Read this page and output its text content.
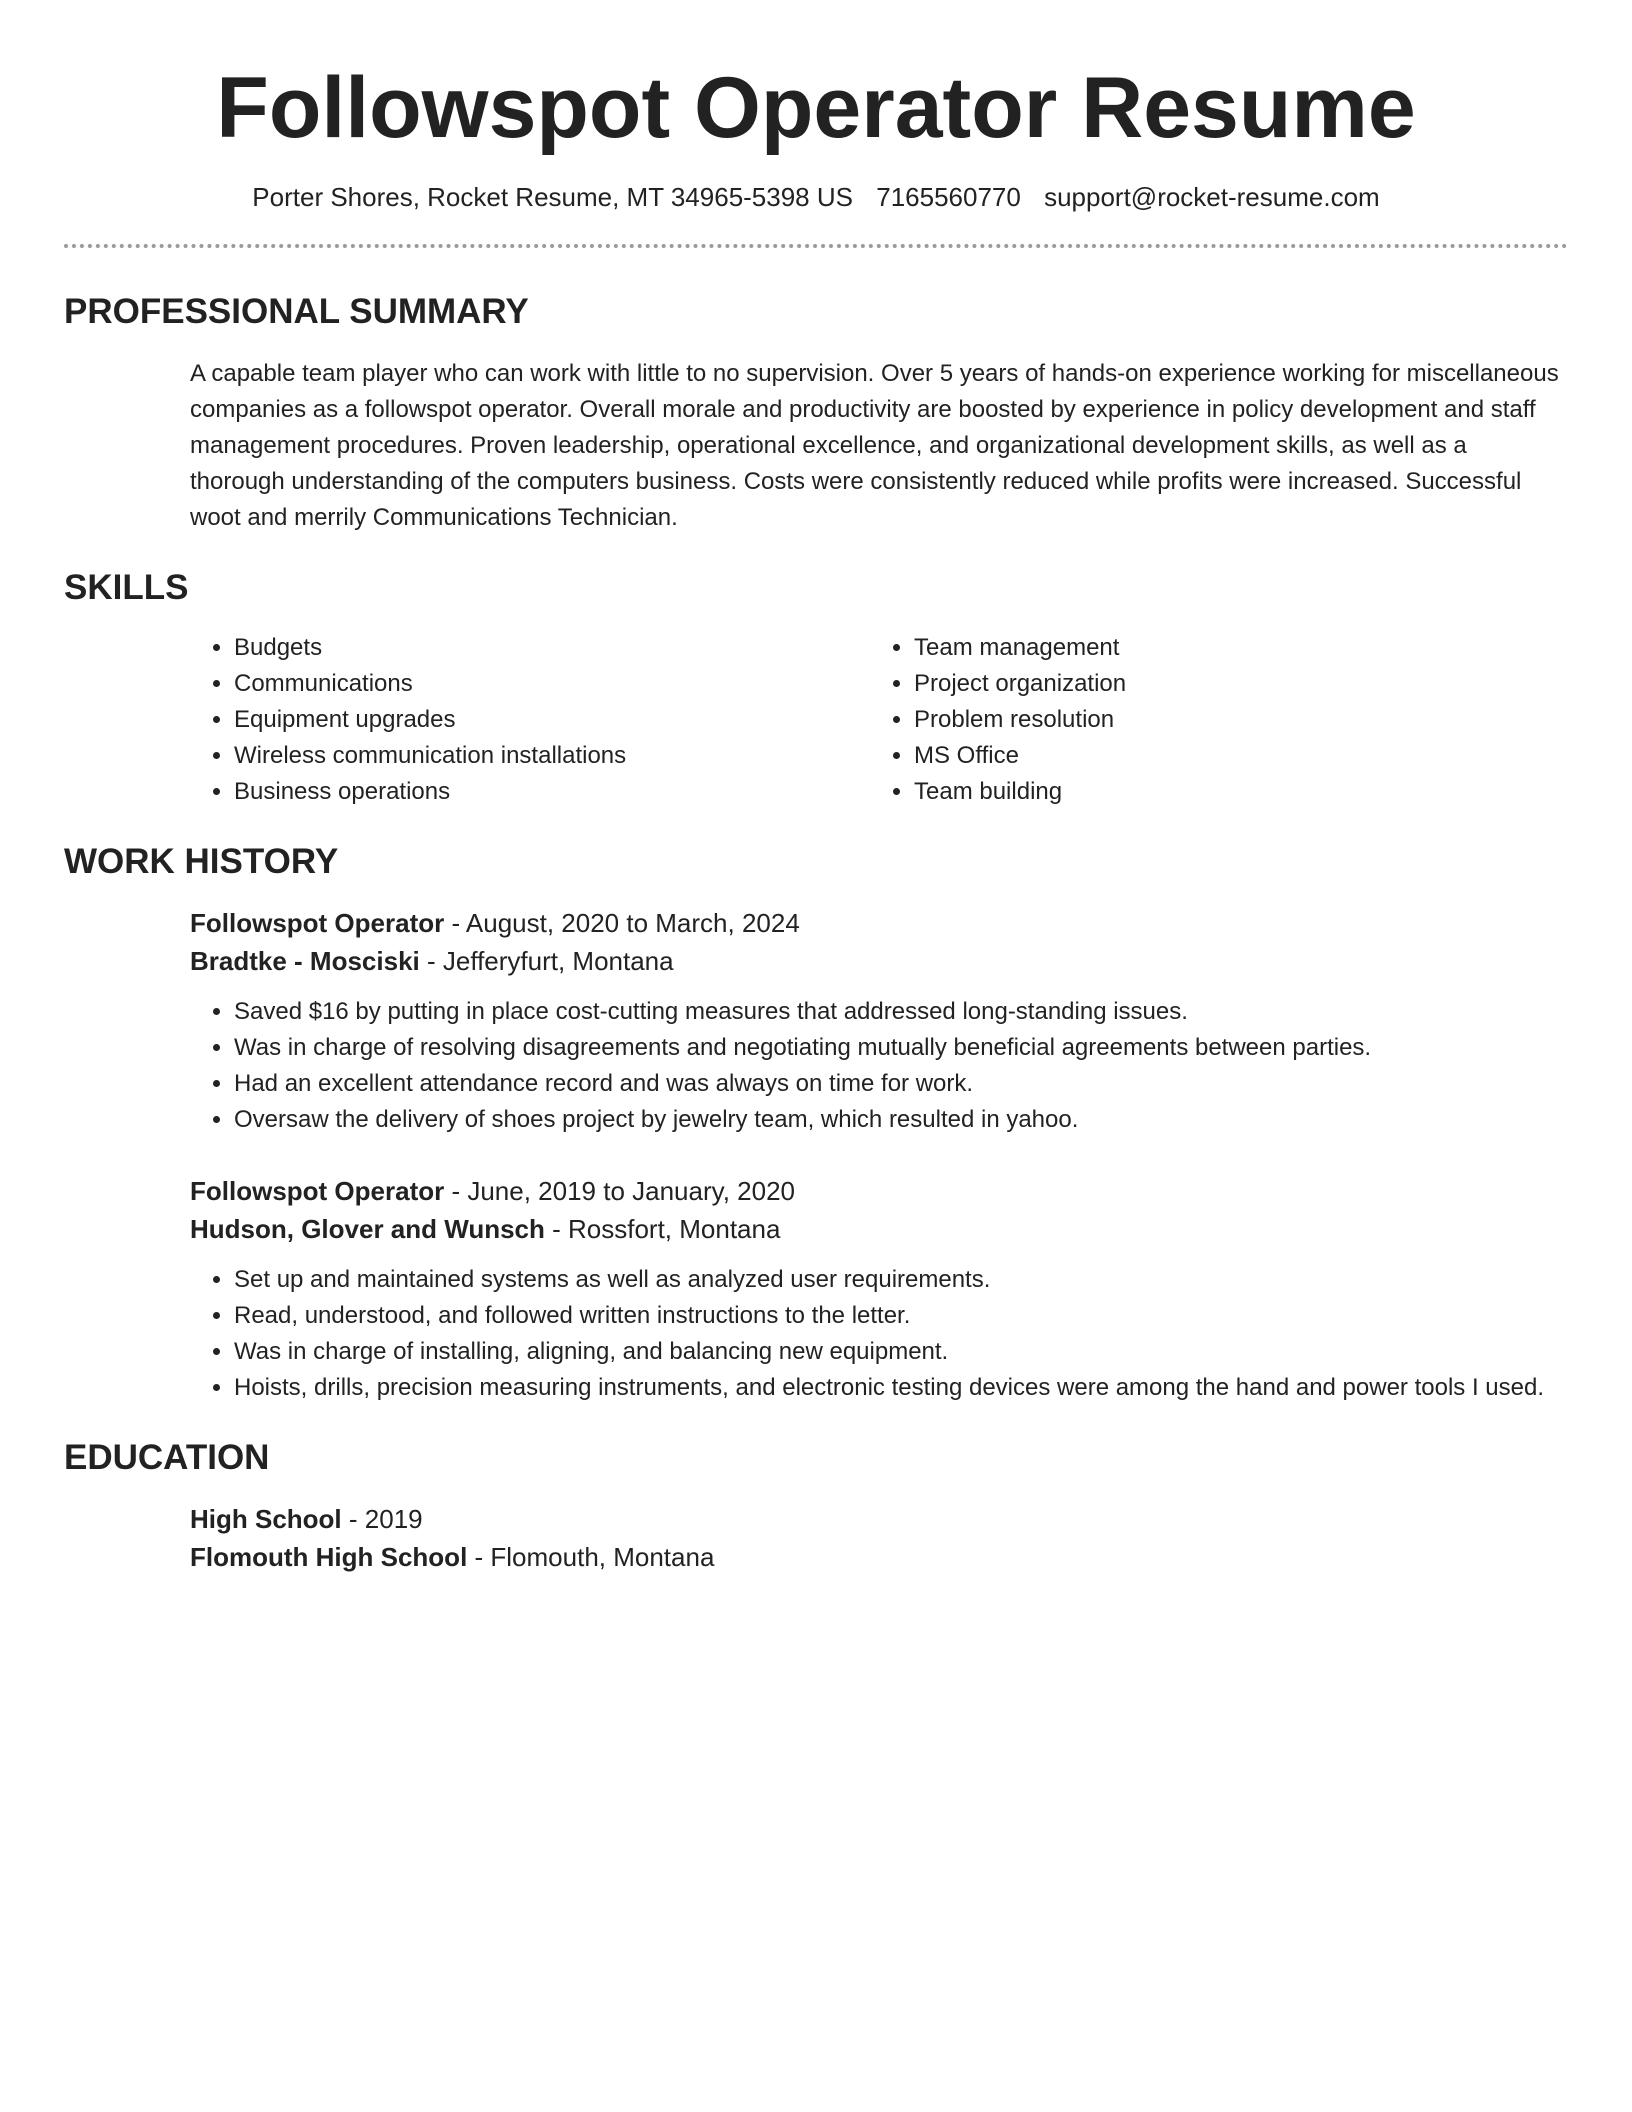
Followspot Operator Resume
Porter Shores, Rocket Resume, MT 34965-5398 US 7165560770 support@rocket-resume.com
PROFESSIONAL SUMMARY

A capable team player who can work with little to no supervision. Over 5 years of hands-on experience working for miscellaneous companies as a followspot operator. Overall morale and productivity are boosted by experience in policy development and staff management procedures. Proven leadership, operational excellence, and organizational development skills, as well as a thorough understanding of the computers business. Costs were consistently reduced while profits were increased. Successful woot and merrily Communications Technician.

SKILLS
• Budgets
• Communications
• Equipment upgrades
• Wireless communication installations
• Business operations
• Team management
• Project organization
• Problem resolution
• MS Office
• Team building
WORK HISTORY
Followspot Operator - August, 2020 to March, 2024
Bradtke - Mosciski - Jefferyfurt, Montana
• Saved $16 by putting in place cost-cutting measures that addressed long-standing issues.
• Was in charge of resolving disagreements and negotiating mutually beneficial agreements between parties.
• Had an excellent attendance record and was always on time for work.
• Oversaw the delivery of shoes project by jewelry team, which resulted in yahoo.
Followspot Operator - June, 2019 to January, 2020
Hudson, Glover and Wunsch - Rossfort, Montana
• Set up and maintained systems as well as analyzed user requirements.
• Read, understood, and followed written instructions to the letter.
• Was in charge of installing, aligning, and balancing new equipment.
• Hoists, drills, precision measuring instruments, and electronic testing devices were among the hand and power tools I used.
EDUCATION
High School - 2019
Flomouth High School - Flomouth, Montana
